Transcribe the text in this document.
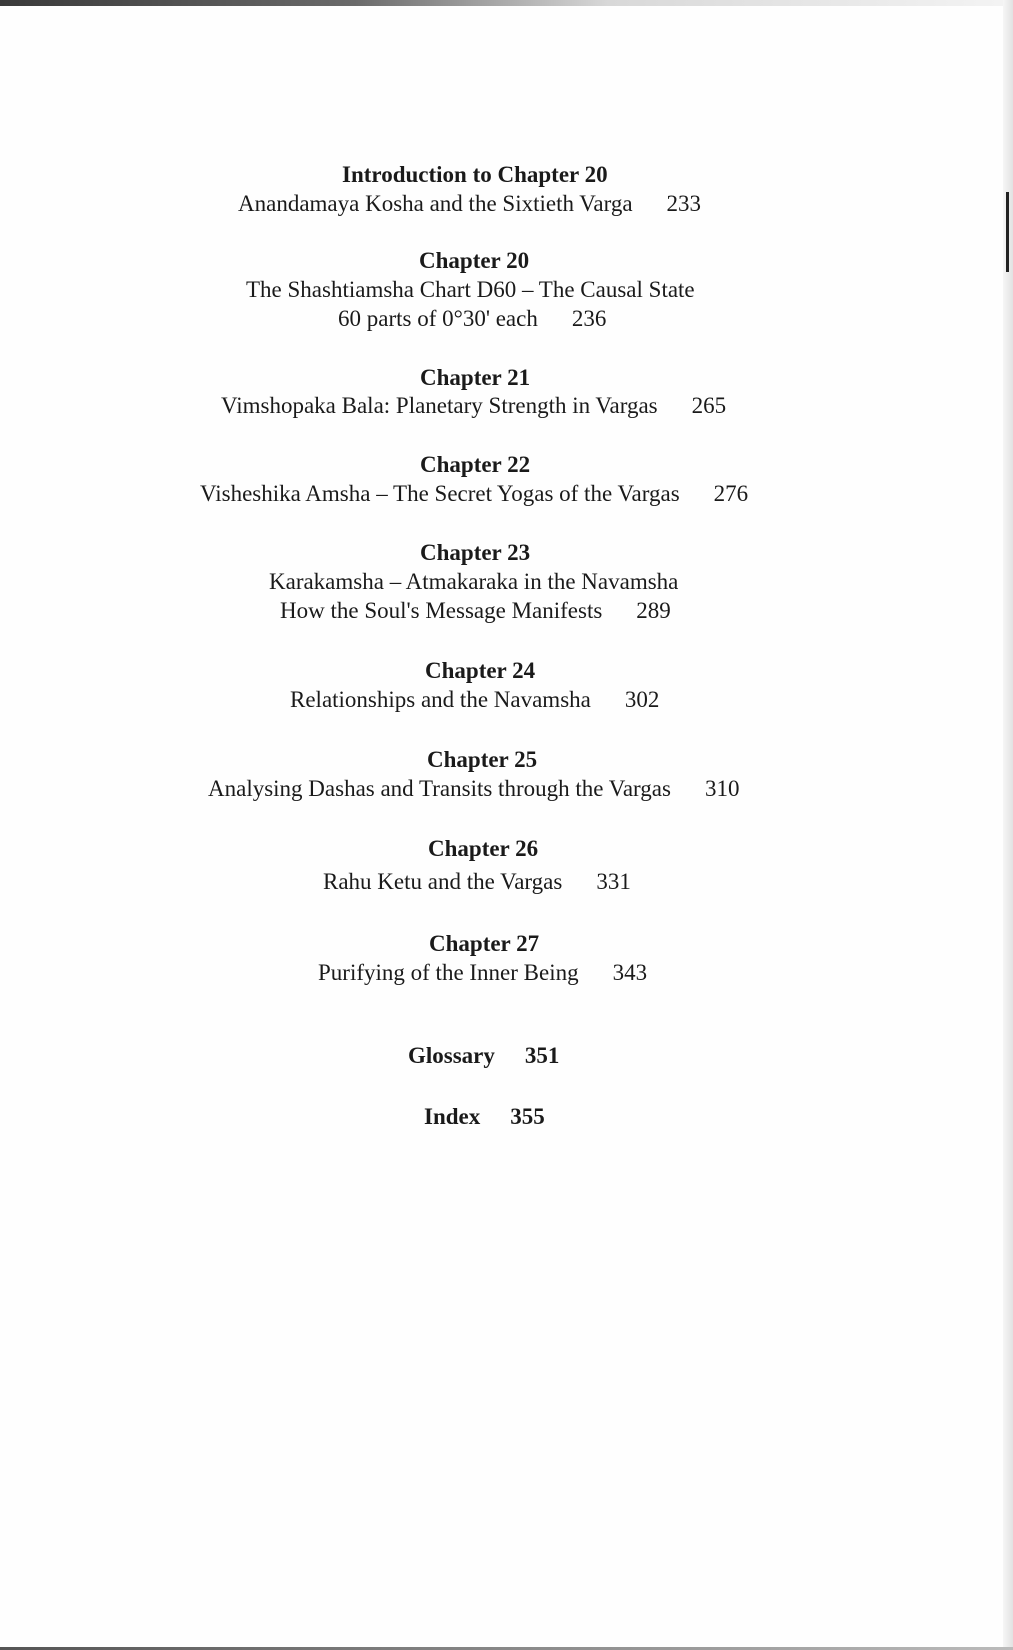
Introduction to Chapter 20
Anandamaya Kosha and the Sixtieth Varga 233
Chapter 20
The Shashtiamsha Chart D60 – The Causal State
60 parts of 0°30' each 236
Chapter 21
Vimshopaka Bala: Planetary Strength in Vargas 265
Chapter 22
Visheshika Amsha – The Secret Yogas of the Vargas 276
Chapter 23
Karakamsha – Atmakaraka in the Navamsha
How the Soul's Message Manifests 289
Chapter 24
Relationships and the Navamsha 302
Chapter 25
Analysing Dashas and Transits through the Vargas 310
Chapter 26
Rahu Ketu and the Vargas 331
Chapter 27
Purifying of the Inner Being 343
Glossary 351
Index 355
